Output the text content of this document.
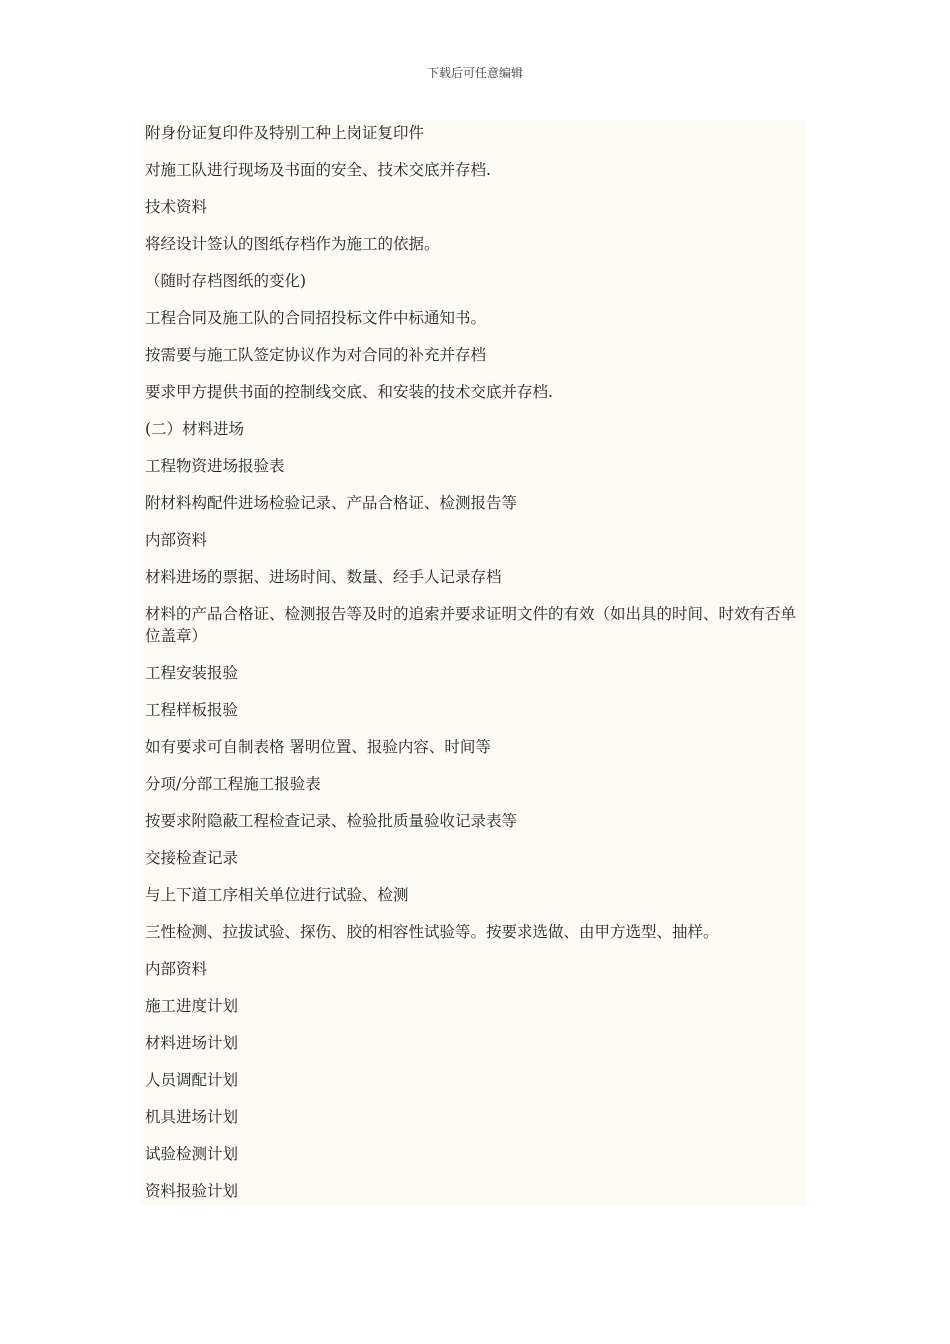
下载后可任意编辑

附身份证复印件及特别工种上岗证复印件

对施工队进行现场及书面的安全、技术交底并存档.

技术资料

将经设计签认的图纸存档作为施工的依据。

（随时存档图纸的变化)

工程合同及施工队的合同招投标文件中标通知书。

按需要与施工队签定协议作为对合同的补充并存档

要求甲方提供书面的控制线交底、和安装的技术交底并存档.

(二）材料进场

工程物资进场报验表

附材料构配件进场检验记录、产品合格证、检测报告等

内部资料

材料进场的票据、进场时间、数量、经手人记录存档

材料的产品合格证、检测报告等及时的追索并要求证明文件的有效（如出具的时间、时效有否单位盖章）

工程安装报验

工程样板报验

如有要求可自制表格 署明位置、报验内容、时间等

分项/分部工程施工报验表

按要求附隐蔽工程检查记录、检验批质量验收记录表等

交接检查记录

与上下道工序相关单位进行试验、检测

三性检测、拉拔试验、探伤、胶的相容性试验等。按要求选做、由甲方选型、抽样。

内部资料

施工进度计划

材料进场计划

人员调配计划

机具进场计划

试验检测计划

资料报验计划
